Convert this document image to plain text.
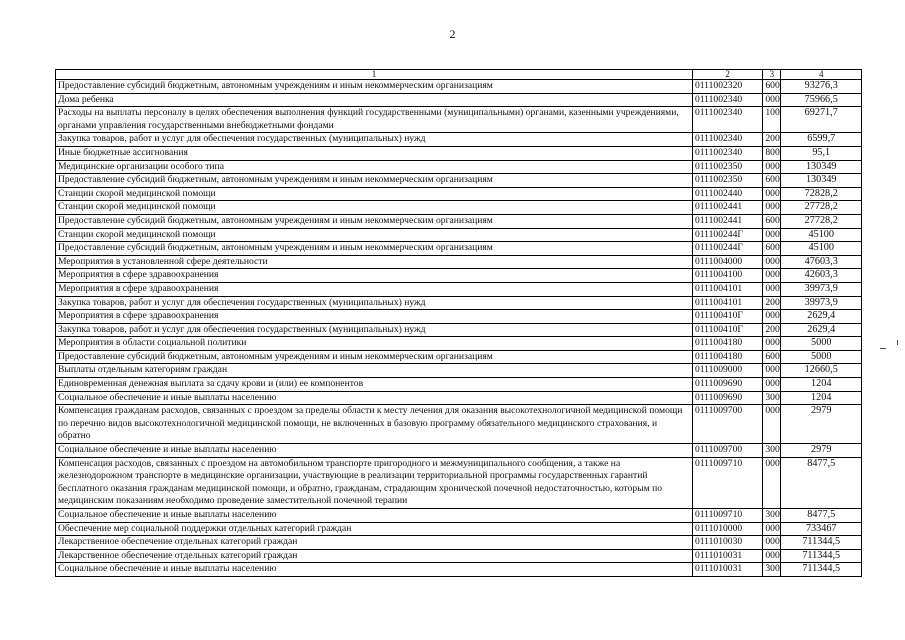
2
1	2	3	4
Предоставление субсидий бюджетным, автономным учреждениям и иным некоммерческим организациям	0111002320	600	93276,3
Дома ребенка	0111002340	000	75966,5
Расходы на выплаты персоналу в целях обеспечения выполнения функций государственными (муниципальными) органами, казенными учреждениями, органами управления государственными внебюджетными фондами	0111002340	100	69271,7
Закупка товаров, работ и услуг для обеспечения государственных (муниципальных) нужд	0111002340	200	6599,7
Иные бюджетные ассигнования	0111002340	800	95,1
Медицинские организации особого типа	0111002350	000	130349
Предоставление субсидий бюджетным, автономным учреждениям и иным некоммерческим организациям	0111002350	600	130349
Станции скорой медицинской помощи	0111002440	000	72828,2
Станции скорой медицинской помощи	0111002441	000	27728,2
Предоставление субсидий бюджетным, автономным учреждениям и иным некоммерческим организациям	0111002441	600	27728,2
Станции скорой медицинской помощи	011100244Г	000	45100
Предоставление субсидий бюджетным, автономным учреждениям и иным некоммерческим организациям	011100244Г	600	45100
Мероприятия в установленной сфере деятельности	0111004000	000	47603,3
Мероприятия в сфере здравоохранения	0111004100	000	42603,3
Мероприятия в сфере здравоохранения	0111004101	000	39973,9
Закупка товаров, работ и услуг для обеспечения государственных (муниципальных) нужд	0111004101	200	39973,9
Мероприятия в сфере здравоохранения	011100410Г	000	2629,4
Закупка товаров, работ и услуг для обеспечения государственных (муниципальных) нужд	011100410Г	200	2629,4
Мероприятия в области социальной политики	0111004180	000	5000
Предоставление субсидий бюджетным, автономным учреждениям и иным некоммерческим организациям	0111004180	600	5000
Выплаты отдельным категориям граждан	0111009000	000	12660,5
Единовременная денежная выплата за сдачу крови и (или) ее компонентов	0111009690	000	1204
Социальное обеспечение и иные выплаты населению	0111009690	300	1204
Компенсация гражданам расходов, связанных с проездом за пределы области к месту лечения для оказания высокотехнологичной медицинской помощи по перечню видов высокотехнологичной медицинской помощи, не включенных в базовую программу обязательного медицинского страхования, и обратно	0111009700	000	2979
Социальное обеспечение и иные выплаты населению	0111009700	300	2979
Компенсация расходов, связанных с проездом на автомобильном транспорте пригородного и межмуниципального сообщения, а также на железнодорожном транспорте в медицинские организации, участвующие в реализации территориальной программы государственных гарантий бесплатного оказания гражданам медицинской помощи, и обратно, гражданам, страдающим хронической почечной недостаточностью, которым по медицинским показаниям необходимо проведение заместительной почечной терапии	0111009710	000	8477,5
Социальное обеспечение и иные выплаты населению	0111009710	300	8477,5
Обеспечение мер социальной поддержки отдельных категорий граждан	0111010000	000	733467
Лекарственное обеспечение отдельных категорий граждан	0111010030	000	711344,5
Лекарственное обеспечение отдельных категорий граждан	0111010031	000	711344,5
Социальное обеспечение и иные выплаты населению	0111010031	300	711344,5
